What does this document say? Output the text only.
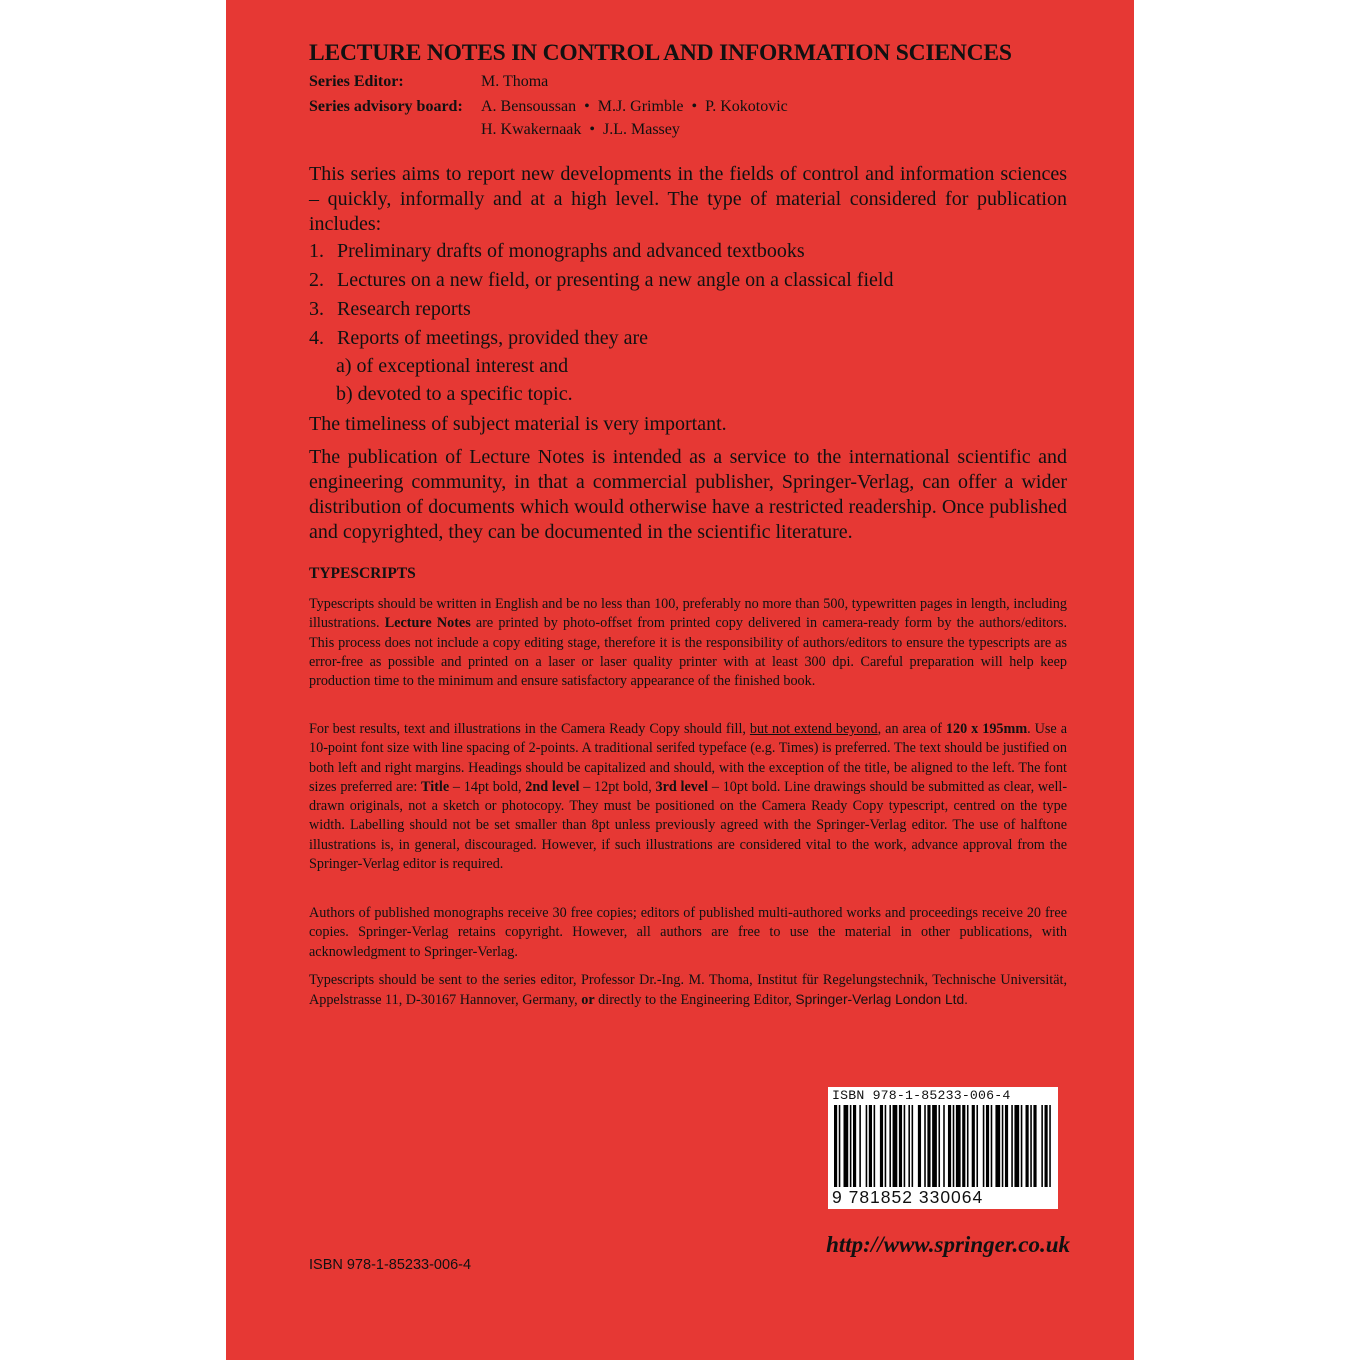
LECTURE NOTES IN CONTROL AND INFORMATION SCIENCES
Series Editor:	M. Thoma
Series advisory board: A. Bensoussan  •  M.J. Grimble  •  P. Kokotovic
H. Kwakernaak  •  J.L. Massey
This series aims to report new developments in the fields of control and information sciences – quickly, informally and at a high level. The type of material considered for publication includes:
1. Preliminary drafts of monographs and advanced textbooks
2. Lectures on a new field, or presenting a new angle on a classical field
3. Research reports
4. Reports of meetings, provided they are
a) of exceptional interest and
b) devoted to a specific topic.
The timeliness of subject material is very important.
The publication of Lecture Notes is intended as a service to the international scientific and engineering community, in that a commercial publisher, Springer-Verlag, can offer a wider distribution of documents which would otherwise have a restricted readership. Once published and copyrighted, they can be documented in the scientific literature.
TYPESCRIPTS
Typescripts should be written in English and be no less than 100, preferably no more than 500, typewritten pages in length, including illustrations. Lecture Notes are printed by photo-offset from printed copy delivered in camera-ready form by the authors/editors. This process does not include a copy editing stage, therefore it is the responsibility of authors/editors to ensure the typescripts are as error-free as possible and printed on a laser or laser quality printer with at least 300 dpi. Careful preparation will help keep production time to the minimum and ensure satisfactory appearance of the finished book.
For best results, text and illustrations in the Camera Ready Copy should fill, but not extend beyond, an area of 120 x 195mm. Use a 10-point font size with line spacing of 2-points. A traditional serifed typeface (e.g. Times) is preferred. The text should be justified on both left and right margins. Headings should be capitalized and should, with the exception of the title, be aligned to the left. The font sizes preferred are: Title – 14pt bold, 2nd level – 12pt bold, 3rd level – 10pt bold. Line drawings should be submitted as clear, well-drawn originals, not a sketch or photocopy. They must be positioned on the Camera Ready Copy typescript, centred on the type width. Labelling should not be set smaller than 8pt unless previously agreed with the Springer-Verlag editor. The use of halftone illustrations is, in general, discouraged. However, if such illustrations are considered vital to the work, advance approval from the Springer-Verlag editor is required.
Authors of published monographs receive 30 free copies; editors of published multi-authored works and proceedings receive 20 free copies. Springer-Verlag retains copyright. However, all authors are free to use the material in other publications, with acknowledgment to Springer-Verlag.
Typescripts should be sent to the series editor, Professor Dr.-Ing. M. Thoma, Institut für Regelungstechnik, Technische Universität, Appelstrasse 11, D-30167 Hannover, Germany, or directly to the Engineering Editor, Springer-Verlag London Ltd.
ISBN 978-1-85233-006-4
9 781852 330064
http://www.springer.co.uk
ISBN 978-1-85233-006-4
